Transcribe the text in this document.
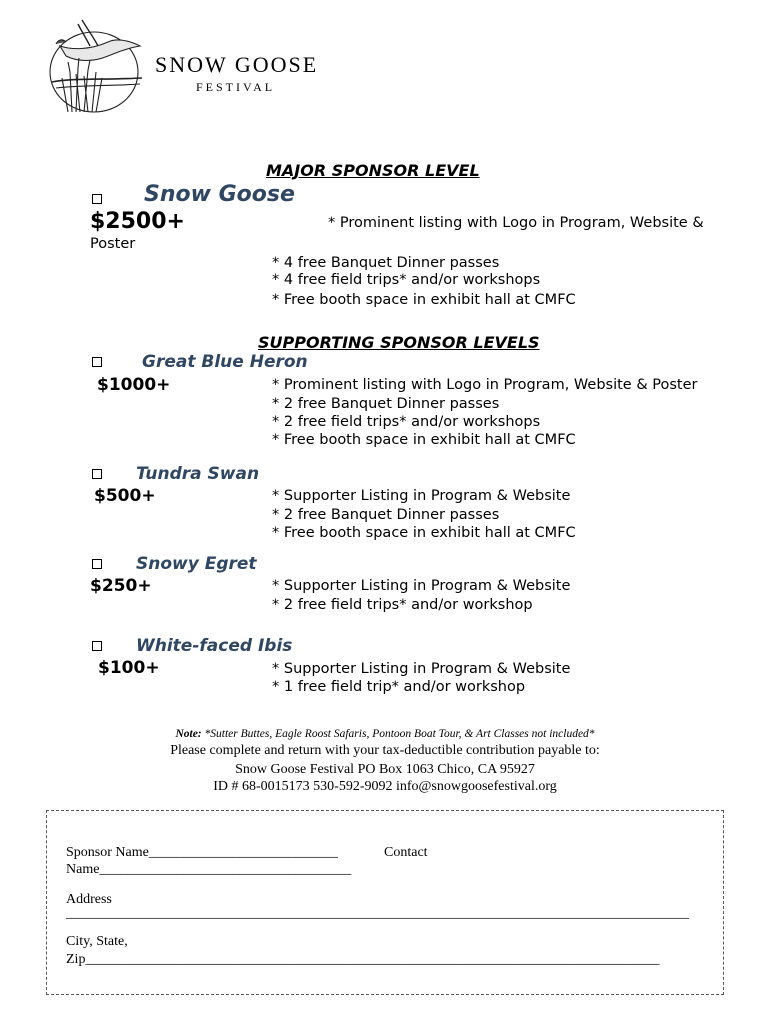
SNOW GOOSE
FESTIVAL
MAJOR SPONSOR LEVEL
Snow Goose
$2500+	* Prominent listing with Logo in Program, Website &
Poster
* 4 free Banquet Dinner passes
* 4 free field trips* and/or workshops
* Free booth space in exhibit hall at CMFC
SUPPORTING SPONSOR LEVELS
Great Blue Heron
$1000+	* Prominent listing with Logo in Program, Website & Poster
* 2 free Banquet Dinner passes
* 2 free field trips* and/or workshops
* Free booth space in exhibit hall at CMFC
Tundra Swan
$500+	* Supporter Listing in Program & Website
* 2 free Banquet Dinner passes
* Free booth space in exhibit hall at CMFC
Snowy Egret
$250+	* Supporter Listing in Program & Website
* 2 free field trips* and/or workshop
White-faced Ibis
$100+	* Supporter Listing in Program & Website
* 1 free field trip* and/or workshop
Note: *Sutter Buttes, Eagle Roost Safaris, Pontoon Boat Tour, & Art Classes not included*
Please complete and return with your tax-deductible contribution payable to:
Snow Goose Festival PO Box 1063 Chico, CA 95927
ID # 68-0015173 530-592-9092 info@snowgoosefestival.org
Sponsor Name___________________________	Contact
Name____________________________________
Address
_________________________________________________________________________________________
City, State,
Zip__________________________________________________________________________________
